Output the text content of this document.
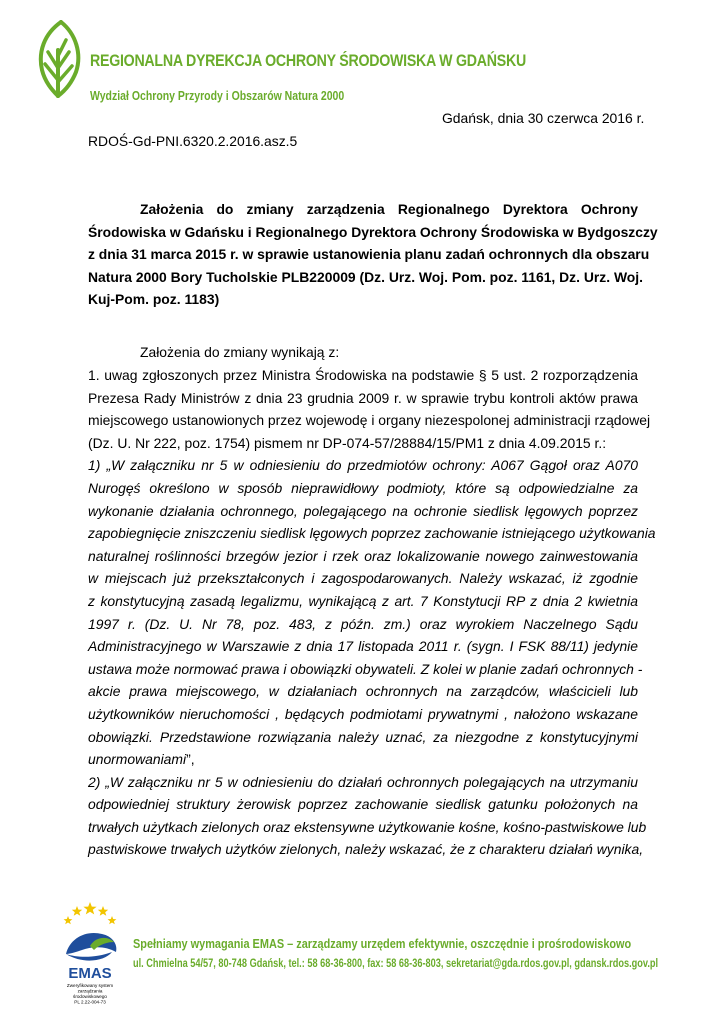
REGIONALNA DYREKCJA OCHRONY ŚRODOWISKA W GDAŃSKU
Wydział Ochrony Przyrody i Obszarów Natura 2000
Gdańsk, dnia 30 czerwca 2016 r.
RDOŚ-Gd-PNI.6320.2.2016.asz.5
Założenia do zmiany zarządzenia Regionalnego Dyrektora Ochrony
Środowiska w Gdańsku i Regionalnego Dyrektora Ochrony Środowiska w Bydgoszczy
z dnia 31 marca 2015 r. w sprawie ustanowienia planu zadań ochronnych dla obszaru
Natura 2000 Bory Tucholskie PLB220009 (Dz. Urz. Woj. Pom. poz. 1161, Dz. Urz. Woj.
Kuj-Pom. poz. 1183)
Założenia do zmiany wynikają z:
1. uwag zgłoszonych przez Ministra Środowiska na podstawie § 5 ust. 2 rozporządzenia
Prezesa Rady Ministrów z dnia 23 grudnia 2009 r. w sprawie trybu kontroli aktów prawa
miejscowego ustanowionych przez wojewodę i organy niezespolonej administracji rządowej
(Dz. U. Nr 222, poz. 1754) pismem nr DP-074-57/28884/15/PM1 z dnia 4.09.2015 r.:
1) „W załączniku nr 5 w odniesieniu do przedmiotów ochrony: A067 Gągoł oraz A070
Nurogęś określono w sposób nieprawidłowy podmioty, które są odpowiedzialne za
wykonanie działania ochronnego, polegającego na ochronie siedlisk lęgowych poprzez
zapobiegnięcie zniszczeniu siedlisk lęgowych poprzez zachowanie istniejącego użytkowania
naturalnej roślinności brzegów jezior i rzek oraz lokalizowanie nowego zainwestowania
w miejscach już przekształconych i zagospodarowanych. Należy wskazać, iż zgodnie
z konstytucyjną zasadą legalizmu, wynikającą z art. 7 Konstytucji RP z dnia 2 kwietnia
1997 r. (Dz. U. Nr 78, poz. 483, z późn. zm.) oraz wyrokiem Naczelnego Sądu
Administracyjnego w Warszawie z dnia 17 listopada 2011 r. (sygn. I FSK 88/11) jedynie
ustawa może normować prawa i obowiązki obywateli. Z kolei w planie zadań ochronnych -
akcie prawa miejscowego, w działaniach ochronnych na zarządców, właścicieli lub
użytkowników nieruchomości , będących podmiotami prywatnymi , nałożono wskazane
obowiązki. Przedstawione rozwiązania należy uznać, za niezgodne z konstytucyjnymi
unormowaniami”,
2) „W załączniku nr 5 w odniesieniu do działań ochronnych polegających na utrzymaniu
odpowiedniej struktury żerowisk poprzez zachowanie siedlisk gatunku położonych na
trwałych użytkach zielonych oraz ekstensywne użytkowanie kośne, kośno-pastwiskowe lub
pastwiskowe trwałych użytków zielonych, należy wskazać, że z charakteru działań wynika,
EMAS
Zweryfikowany system
zarządzania
środowiskowego
PL 2.22-004-73
Spełniamy wymagania EMAS – zarządzamy urzędem efektywnie, oszczędnie i prośrodowiskowo
ul. Chmielna 54/57, 80-748 Gdańsk, tel.: 58 68-36-800, fax: 58 68-36-803, sekretariat@gda.rdos.gov.pl, gdansk.rdos.gov.pl
